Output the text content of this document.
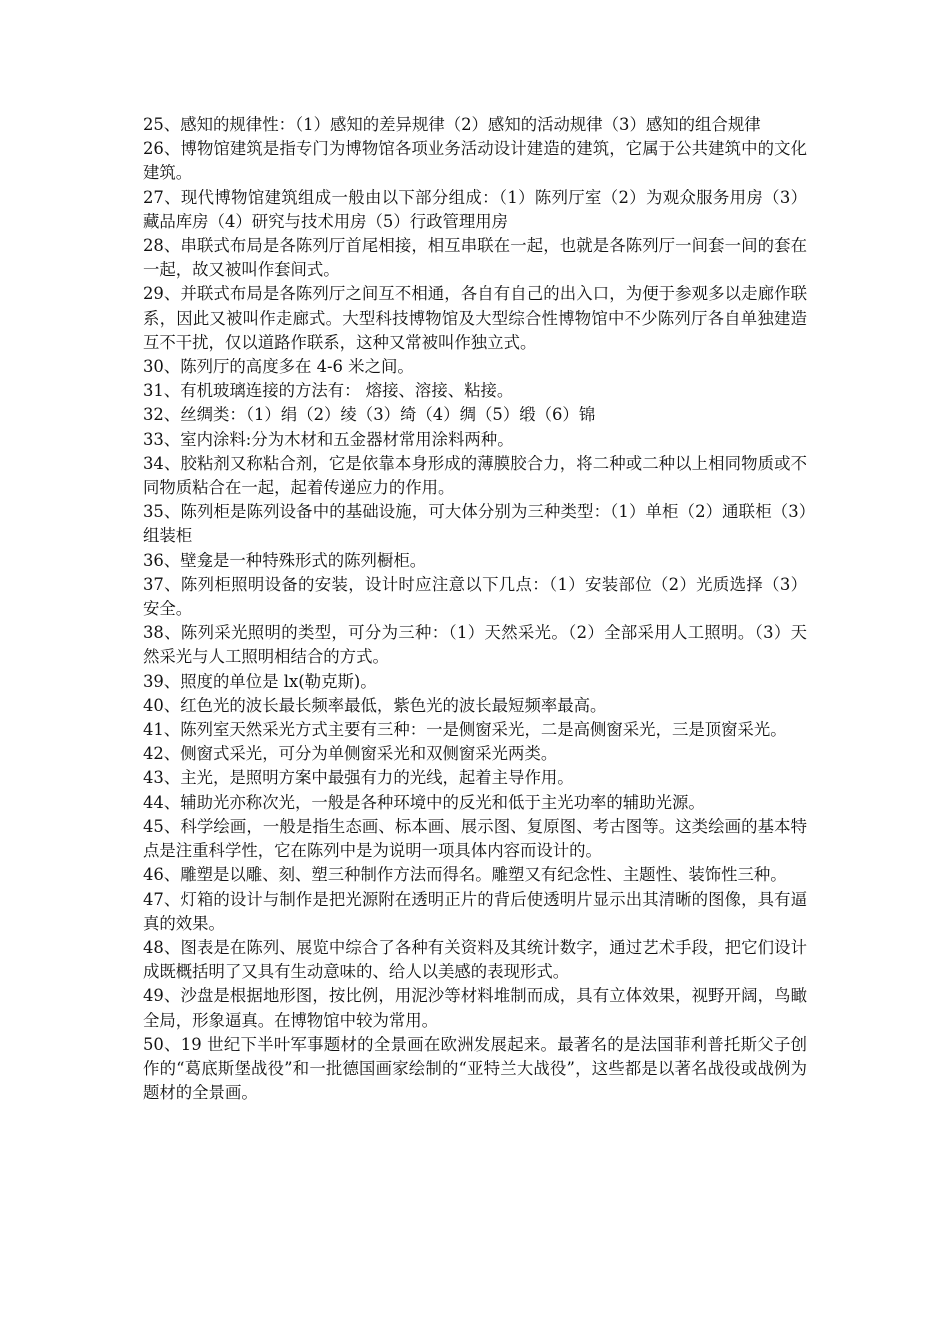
25、感知的规律性：（1）感知的差异规律（2）感知的活动规律（3）感知的组合规律

26、博物馆建筑是指专门为博物馆各项业务活动设计建造的建筑，它属于公共建筑中的文化建筑。

27、现代博物馆建筑组成一般由以下部分组成：（1）陈列厅室（2）为观众服务用房（3）藏品库房（4）研究与技术用房（5）行政管理用房

28、串联式布局是各陈列厅首尾相接，相互串联在一起，也就是各陈列厅一间套一间的套在一起，故又被叫作套间式。

29、并联式布局是各陈列厅之间互不相通，各自有自己的出入口，为便于参观多以走廊作联系，因此又被叫作走廊式。大型科技博物馆及大型综合性博物馆中不少陈列厅各自单独建造互不干扰，仅以道路作联系，这种又常被叫作独立式。

30、陈列厅的高度多在 4-6 米之间。

31、有机玻璃连接的方法有： 熔接、溶接、粘接。

32、丝绸类：（1）绢（2）绫（3）绮（4）绸（5）缎（6）锦

33、室内涂料:分为木材和五金器材常用涂料两种。

34、胶粘剂又称粘合剂，它是依靠本身形成的薄膜胶合力，将二种或二种以上相同物质或不同物质粘合在一起，起着传递应力的作用。

35、陈列柜是陈列设备中的基础设施，可大体分别为三种类型：（1）单柜（2）通联柜（3）组装柜

36、壁龛是一种特殊形式的陈列橱柜。

37、陈列柜照明设备的安装，设计时应注意以下几点：（1）安装部位（2）光质选择（3）安全。

38、陈列采光照明的类型，可分为三种：（1）天然采光。（2）全部采用人工照明。（3）天然采光与人工照明相结合的方式。

39、照度的单位是 lx(勒克斯)。

40、红色光的波长最长频率最低，紫色光的波长最短频率最高。

41、陈列室天然采光方式主要有三种：一是侧窗采光，二是高侧窗采光，三是顶窗采光。

42、侧窗式采光，可分为单侧窗采光和双侧窗采光两类。

43、主光，是照明方案中最强有力的光线，起着主导作用。

44、辅助光亦称次光，一般是各种环境中的反光和低于主光功率的辅助光源。

45、科学绘画，一般是指生态画、标本画、展示图、复原图、考古图等。这类绘画的基本特点是注重科学性，它在陈列中是为说明一项具体内容而设计的。

46、雕塑是以雕、刻、塑三种制作方法而得名。雕塑又有纪念性、主题性、装饰性三种。

47、灯箱的设计与制作是把光源附在透明正片的背后使透明片显示出其清晰的图像，具有逼真的效果。

48、图表是在陈列、展览中综合了各种有关资料及其统计数字，通过艺术手段，把它们设计成既概括明了又具有生动意味的、给人以美感的表现形式。

49、沙盘是根据地形图，按比例，用泥沙等材料堆制而成，具有立体效果，视野开阔，鸟瞰全局，形象逼真。在博物馆中较为常用。

50、19 世纪下半叶军事题材的全景画在欧洲发展起来。最著名的是法国菲利普托斯父子创作的“葛底斯堡战役”和一批德国画家绘制的“亚特兰大战役”，这些都是以著名战役或战例为题材的全景画。
